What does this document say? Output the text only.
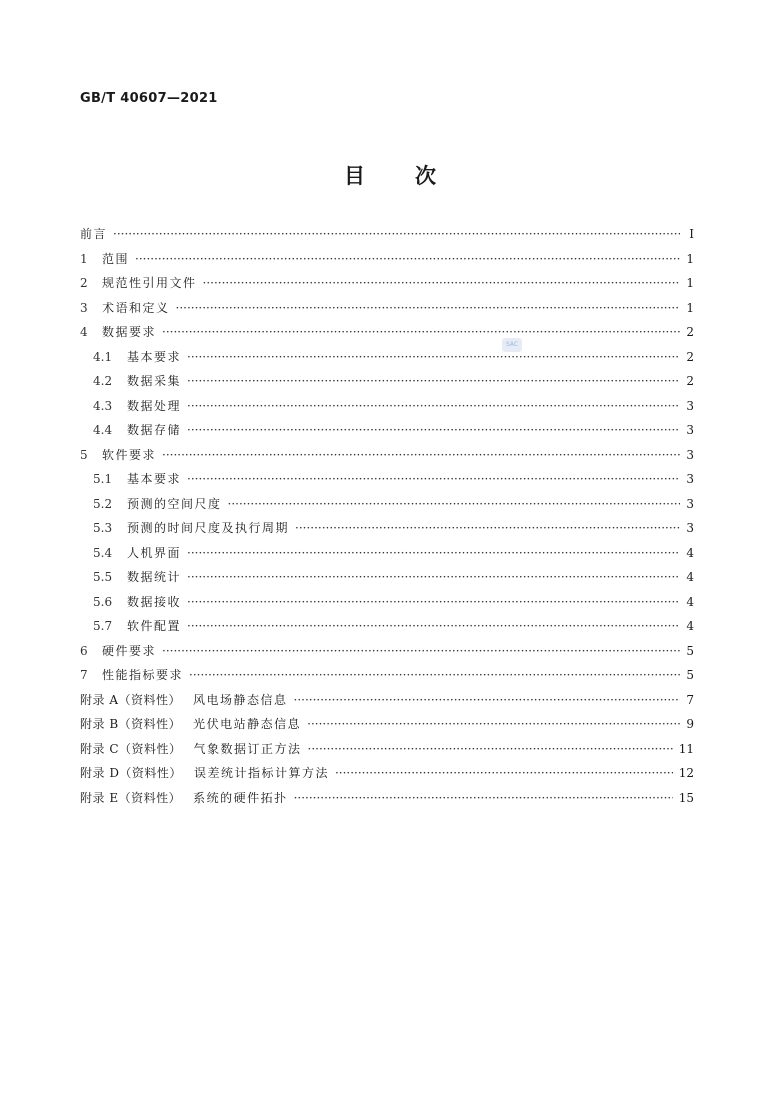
GB/T 40607—2021
目 次
SAC
前言 ·····	Ⅰ
1	范围 ·····	1
2	规范性引用文件 ·····	1
3	术语和定义 ·····	1
4	数据要求 ·····	2
4.1	基本要求 ·····	2
4.2	数据采集 ·····	2
4.3	数据处理 ·····	3
4.4	数据存储 ·····	3
5	软件要求 ·····	3
5.1	基本要求 ·····	3
5.2	预测的空间尺度 ·····	3
5.3	预测的时间尺度及执行周期 ·····	3
5.4	人机界面 ·····	4
5.5	数据统计 ·····	4
5.6	数据接收 ·····	4
5.7	软件配置 ·····	4
6	硬件要求 ·····	5
7	性能指标要求 ·····	5
附录 A（资料性）	风电场静态信息 ·····	7
附录 B（资料性）	光伏电站静态信息 ·····	9
附录 C（资料性）	气象数据订正方法 ·····	11
附录 D（资料性）	误差统计指标计算方法 ·····	12
附录 E（资料性）	系统的硬件拓扑 ·····	15
